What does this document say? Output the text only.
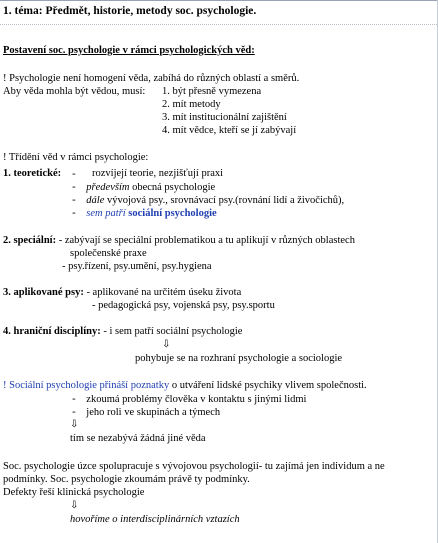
1. téma: Předmět, historie, metody soc. psychologie.
Postavení soc. psychologie v rámci psychologických věd:
! Psychologie není homogení věda, zabíhá do různých oblastí a směrů.
Aby věda mohla být vědou, musí: 1. být přesně vymezena
2. mít metody
3. mít institucionální zajištění
4. mít vědce, kteří se jí zabývají
! Třídění věd v rámci psychologie:
1. teoretické: - rozvíjejí teorie, nezjišťují praxi
- především obecná psychologie
- dále vývojová psy., srovnávací psy.(rovnání lidí a živočichů),
- sem patří sociální psychologie
2. speciální: - zabývají se speciální problematikou a tu aplikují v různých oblastech
společenské praxe
- psy.řízení, psy.umění, psy.hygiena
3. aplikované psy: - aplikované na určitém úseku života
- pedagogická psy, vojenská psy, psy.sportu
4. hraniční disciplíny: - i sem patří sociální psychologie
⇩
pohybuje se na rozhraní psychologie a sociologie
! Sociální psychologie přináší poznatky o utváření lidské psychiky vlivem společnosti.
- zkoumá problémy člověka v kontaktu s jinými lidmi
- jeho roli ve skupinách a týmech
⇩
tím se nezabývá žádná jiné věda
Soc. psychologie úzce spolupracuje s vývojovou psychologií- tu zajímá jen individum a ne
podmínky. Soc. psychologie zkoumám právě ty podmínky.
Defekty řeší klinická psychologie
⇩
hovoříme o interdisciplinárních vztazích
